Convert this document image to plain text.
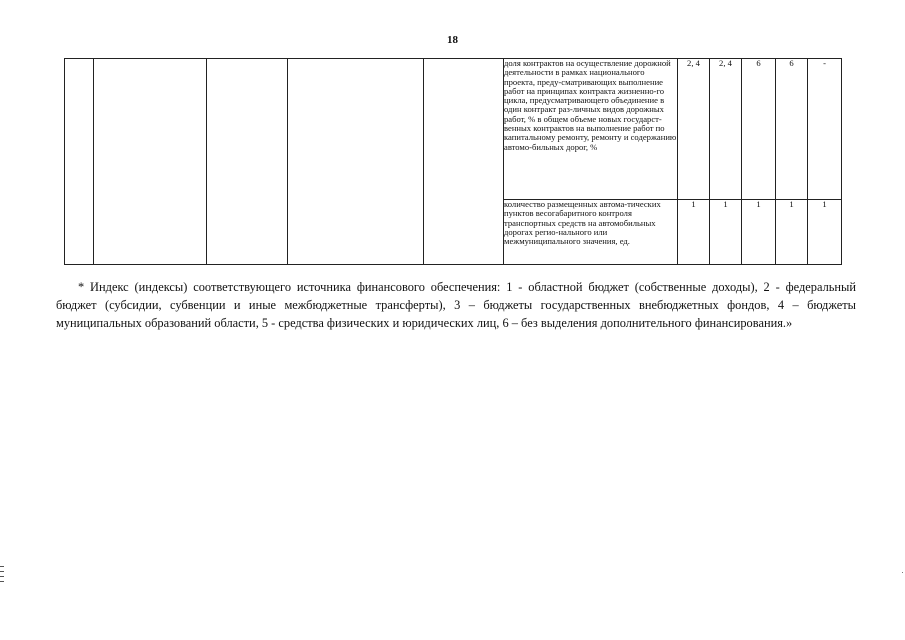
18
					доля контрактов на осуществление дорожной деятельности в рамках национального проекта, преду-сматривающих выполнение работ на принципах контракта жизненно-го цикла, предусматривающего объединение в один контракт раз-личных видов дорожных работ, % в общем объеме новых государст-венных контрактов на выполнение работ по капитальному ремонту, ремонту и содержанию автомо-бильных дорог, %	2, 4	2, 4	6	6	-
					количество размещенных автома-тических пунктов весогабаритного контроля транспортных средств на автомобильных дорогах регио-нального или межмуниципального значения, ед.	1	1	1	1	1
* Индекс (индексы) соответствующего источника финансового обеспечения: 1 - областной бюджет (собственные доходы), 2 - федеральный бюджет (субсидии, субвенции и иные межбюджетные трансферты), 3 – бюджеты государственных внебюджетных фондов, 4 – бюджеты муниципальных образований области, 5 - средства физических и юридических лиц, 6 – без выделения дополнительного финансирования.»
